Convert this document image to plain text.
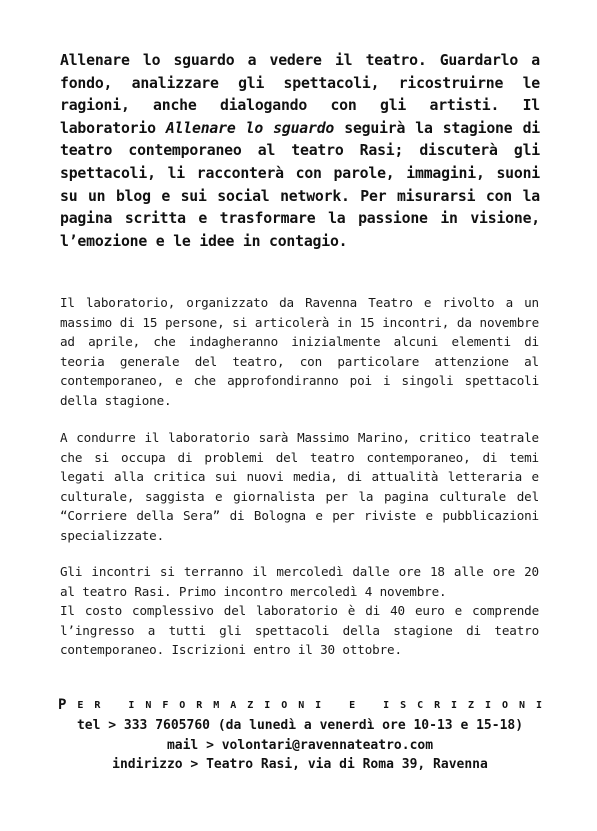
Allenare lo sguardo a vedere il teatro. Guardarlo a fondo, analizzare gli spettacoli, ricostruirne le ragioni, anche dialogando con gli artisti. Il laboratorio Allenare lo sguardo seguirà la stagione di teatro contemporaneo al teatro Rasi; discuterà gli spettacoli, li racconterà con parole, immagini, suoni su un blog e sui social network. Per misurarsi con la pagina scritta e trasformare la passione in visione, l’emozione e le idee in contagio.
Il laboratorio, organizzato da Ravenna Teatro e rivolto a un massimo di 15 persone, si articolerà in 15 incontri, da novembre ad aprile, che indagheranno inizialmente alcuni elementi di teoria generale del teatro, con particolare attenzione al contemporaneo, e che approfondiranno poi i singoli spettacoli della stagione.
A condurre il laboratorio sarà Massimo Marino, critico teatrale che si occupa di problemi del teatro contemporaneo, di temi legati alla critica sui nuovi media, di attualità letteraria e culturale, saggista e giornalista per la pagina culturale del “Corriere della Sera” di Bologna e per riviste e pubblicazioni specializzate.
Gli incontri si terranno il mercoledì dalle ore 18 alle ore 20 al teatro Rasi. Primo incontro mercoledì 4 novembre.
Il costo complessivo del laboratorio è di 40 euro e comprende l’ingresso a tutti gli spettacoli della stagione di teatro contemporaneo. Iscrizioni entro il 30 ottobre.
P E R
	I N F O R M A Z I O N I
	E
	I S C R I Z I O N I
tel > 333 7605760 (da lunedì a venerdì ore 10-13 e 15-18)
mail > volontari@ravennateatro.com
indirizzo > Teatro Rasi, via di Roma 39, Ravenna
